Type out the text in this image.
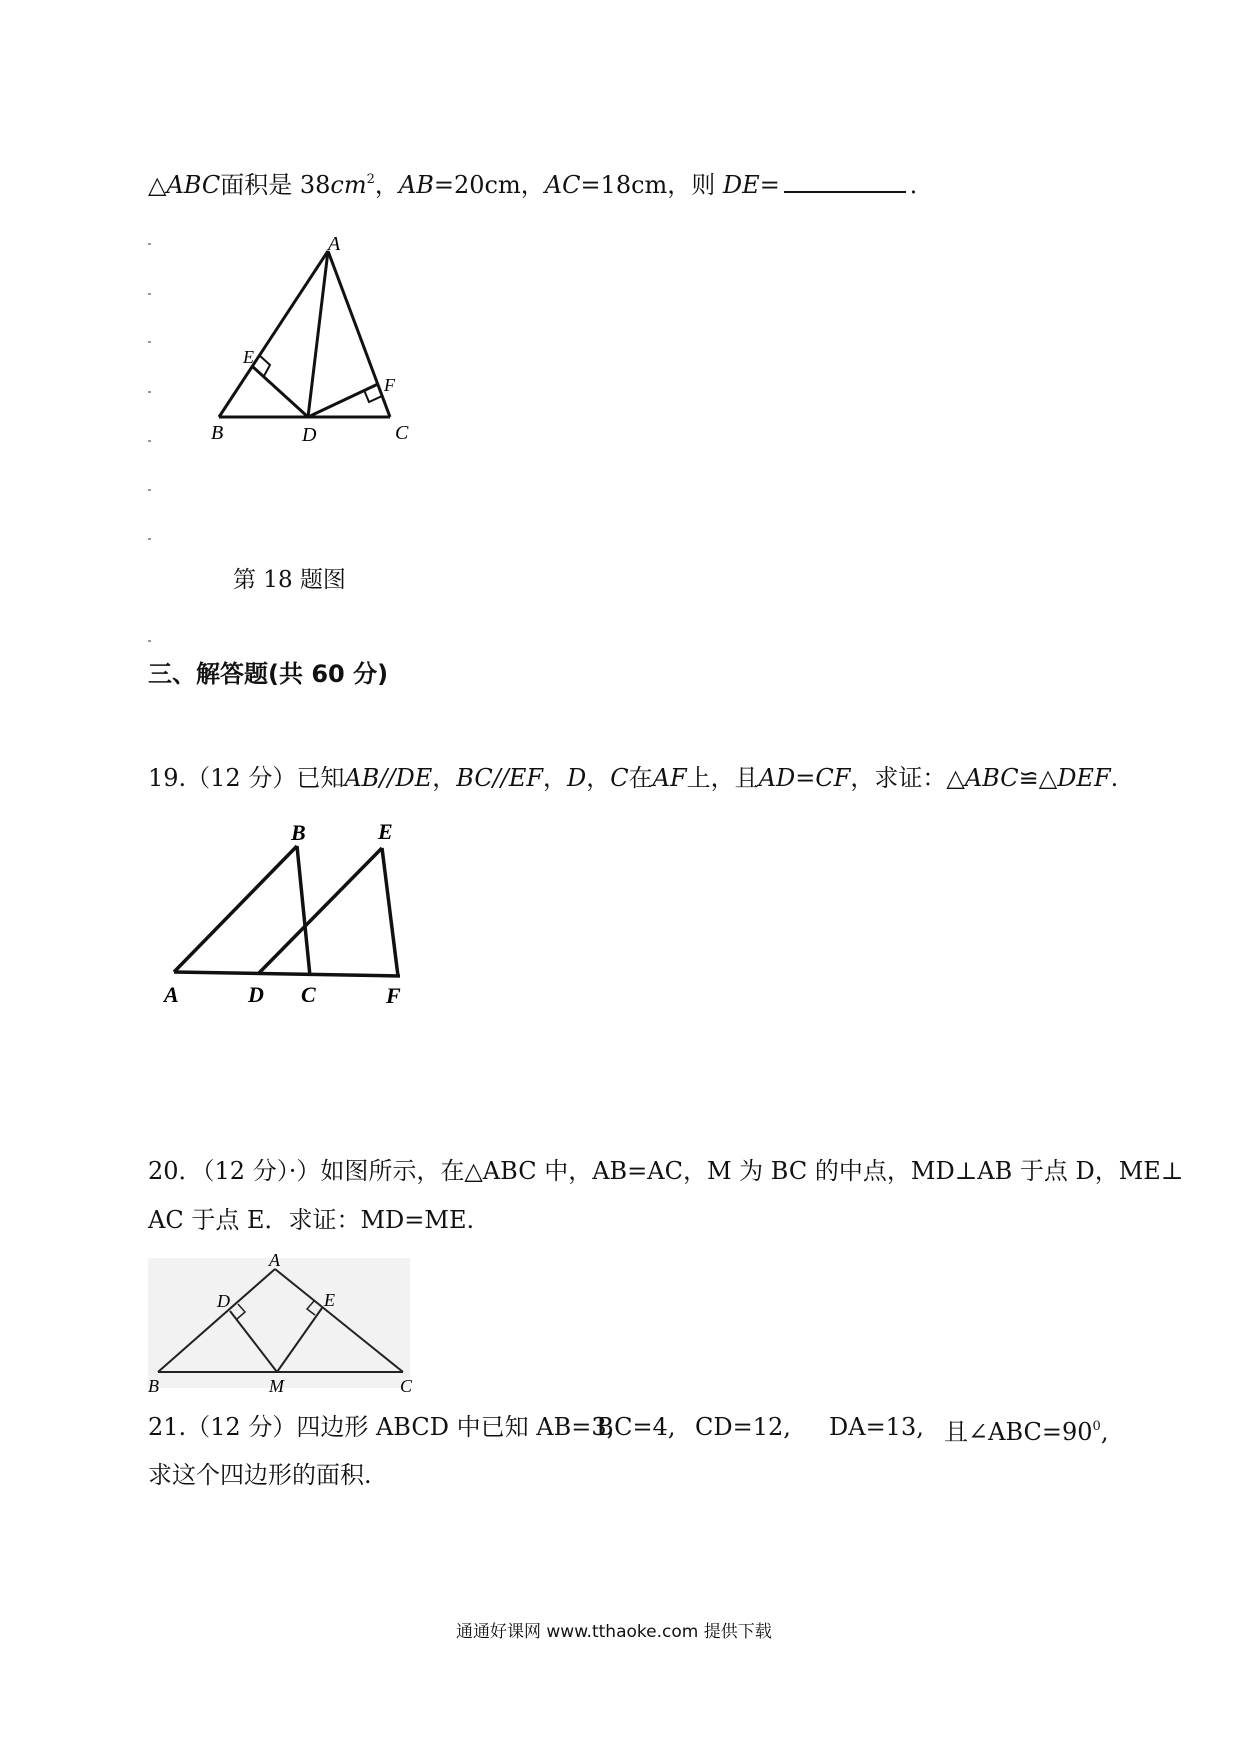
△ABC面积是 $38cm^2$，AB=20cm，AC=18cm，则 DE=	．
A
E
F
B	D	C
第 18 题图
三、解答题(共 60 分)
19.（12 分）已知AB//DE，BC//EF，D，C在AF上，且AD=CF，求证：△ABC≌△DEF.
B	E
A	D C	F
20．（12 分）·）如图所示，在△ABC 中，AB=AC，M 为 BC 的中点，MD⊥AB 于点 D，ME⊥
AC 于点 E．求证：MD=ME.
A
D	E
B	M	C
21.（12 分）四边形 ABCD 中已知 AB=3,
BC=4, CD=12, DA=13, 且$\angle ABC=90^0$,
求这个四边形的面积.
通通好课网 www.tthaoke.com 提供下载
